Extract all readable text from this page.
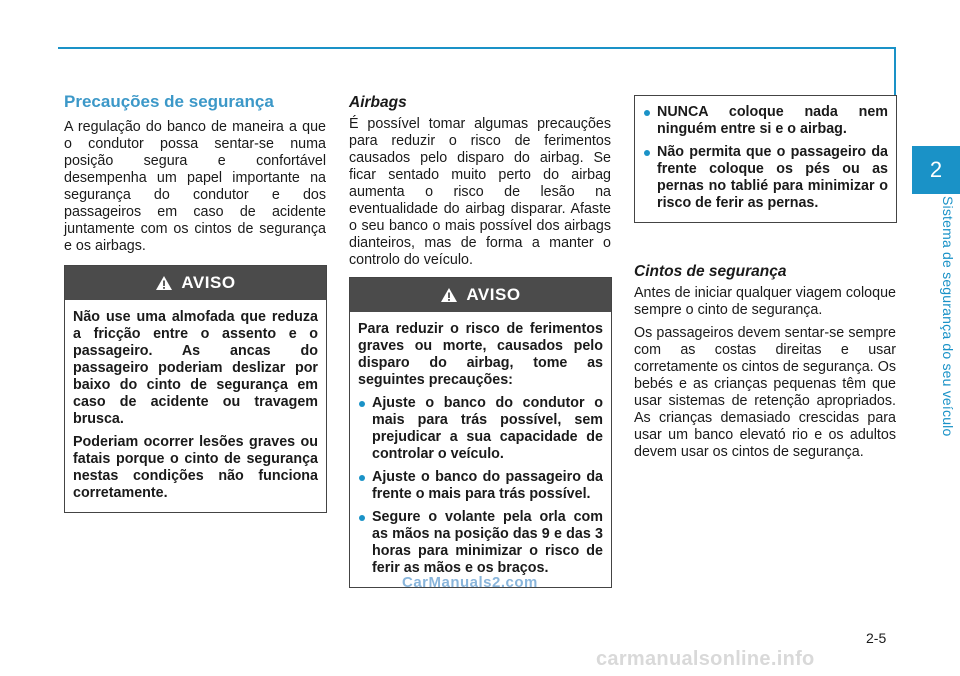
2
Sistema de segurança do seu veículo
Precauções de segurança

A regulação do banco de maneira a que o condutor possa sentar-se numa posição segura e confortável desempenha um papel importante na segurança do condutor e dos passageiros em caso de acidente juntamente com os cintos de segurança e os airbags.

AVISO

Não use uma almofada que reduza a fricção entre o assento e o passageiro. As ancas do passageiro poderiam deslizar por baixo do cinto de segurança em caso de acidente ou travagem brusca.

Poderiam ocorrer lesões graves ou fatais porque o cinto de segurança nestas condições não funciona corretamente.

Airbags

É possível tomar algumas precauções para reduzir o risco de ferimentos causados pelo disparo do airbag. Se ficar sentado muito perto do airbag aumenta o risco de lesão na eventualidade do airbag disparar. Afaste o seu banco o mais possível dos airbags dianteiros, mas de forma a manter o controlo do veículo.

AVISO

Para reduzir o risco de ferimentos graves ou morte, causados pelo disparo do airbag, tome as seguintes precauções:

Ajuste o banco do condutor o mais para trás possível, sem prejudicar a sua capacidade de controlar o veículo.
Ajuste o banco do passageiro da frente o mais para trás possível.
Segure o volante pela orla com as mãos na posição das 9 e das 3 horas para minimizar o risco de ferir as mãos e os braços.
NUNCA coloque nada nem ninguém entre si e o airbag.
Não permita que o passageiro da frente coloque os pés ou as pernas no tablié para minimizar o risco de ferir as pernas.
Cintos de segurança

Antes de iniciar qualquer viagem coloque sempre o cinto de segurança.

Os passageiros devem sentar-se sempre com as costas direitas e usar corretamente os cintos de segurança. Os bebés e as crianças pequenas têm que usar sistemas de retenção apropriados. As crianças demasiado crescidas para usar um banco elevató rio e os adultos devem usar os cintos de segurança.

2-5
CarManuals2.com
carmanualsonline.info
